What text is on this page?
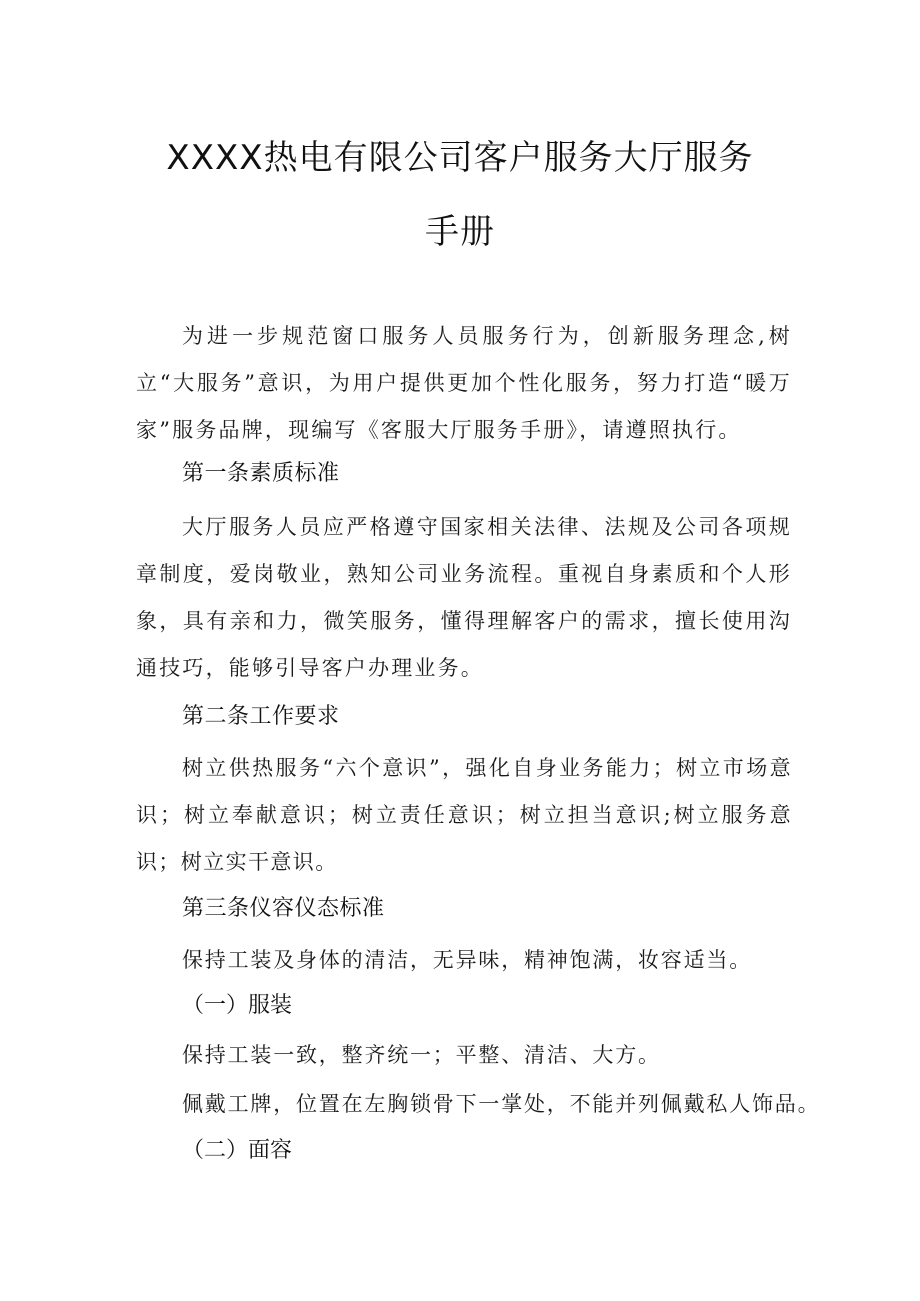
XXXX热电有限公司客户服务大厅服务
手册

为进一步规范窗口服务人员服务行为，创新服务理念,树立“大服务”意识，为用户提供更加个性化服务，努力打造“暖万家”服务品牌，现编写《客服大厅服务手册》，请遵照执行。

第一条素质标准

大厅服务人员应严格遵守国家相关法律、法规及公司各项规章制度，爱岗敬业，熟知公司业务流程。重视自身素质和个人形象，具有亲和力，微笑服务，懂得理解客户的需求，擅长使用沟通技巧，能够引导客户办理业务。

第二条工作要求

树立供热服务“六个意识”，强化自身业务能力；树立市场意识；树立奉献意识；树立责任意识；树立担当意识;树立服务意识；树立实干意识。

第三条仪容仪态标准

保持工装及身体的清洁，无异味，精神饱满，妆容适当。

（一）服装

保持工装一致，整齐统一；平整、清洁、大方。

佩戴工牌，位置在左胸锁骨下一掌处，不能并列佩戴私人饰品。

（二）面容
